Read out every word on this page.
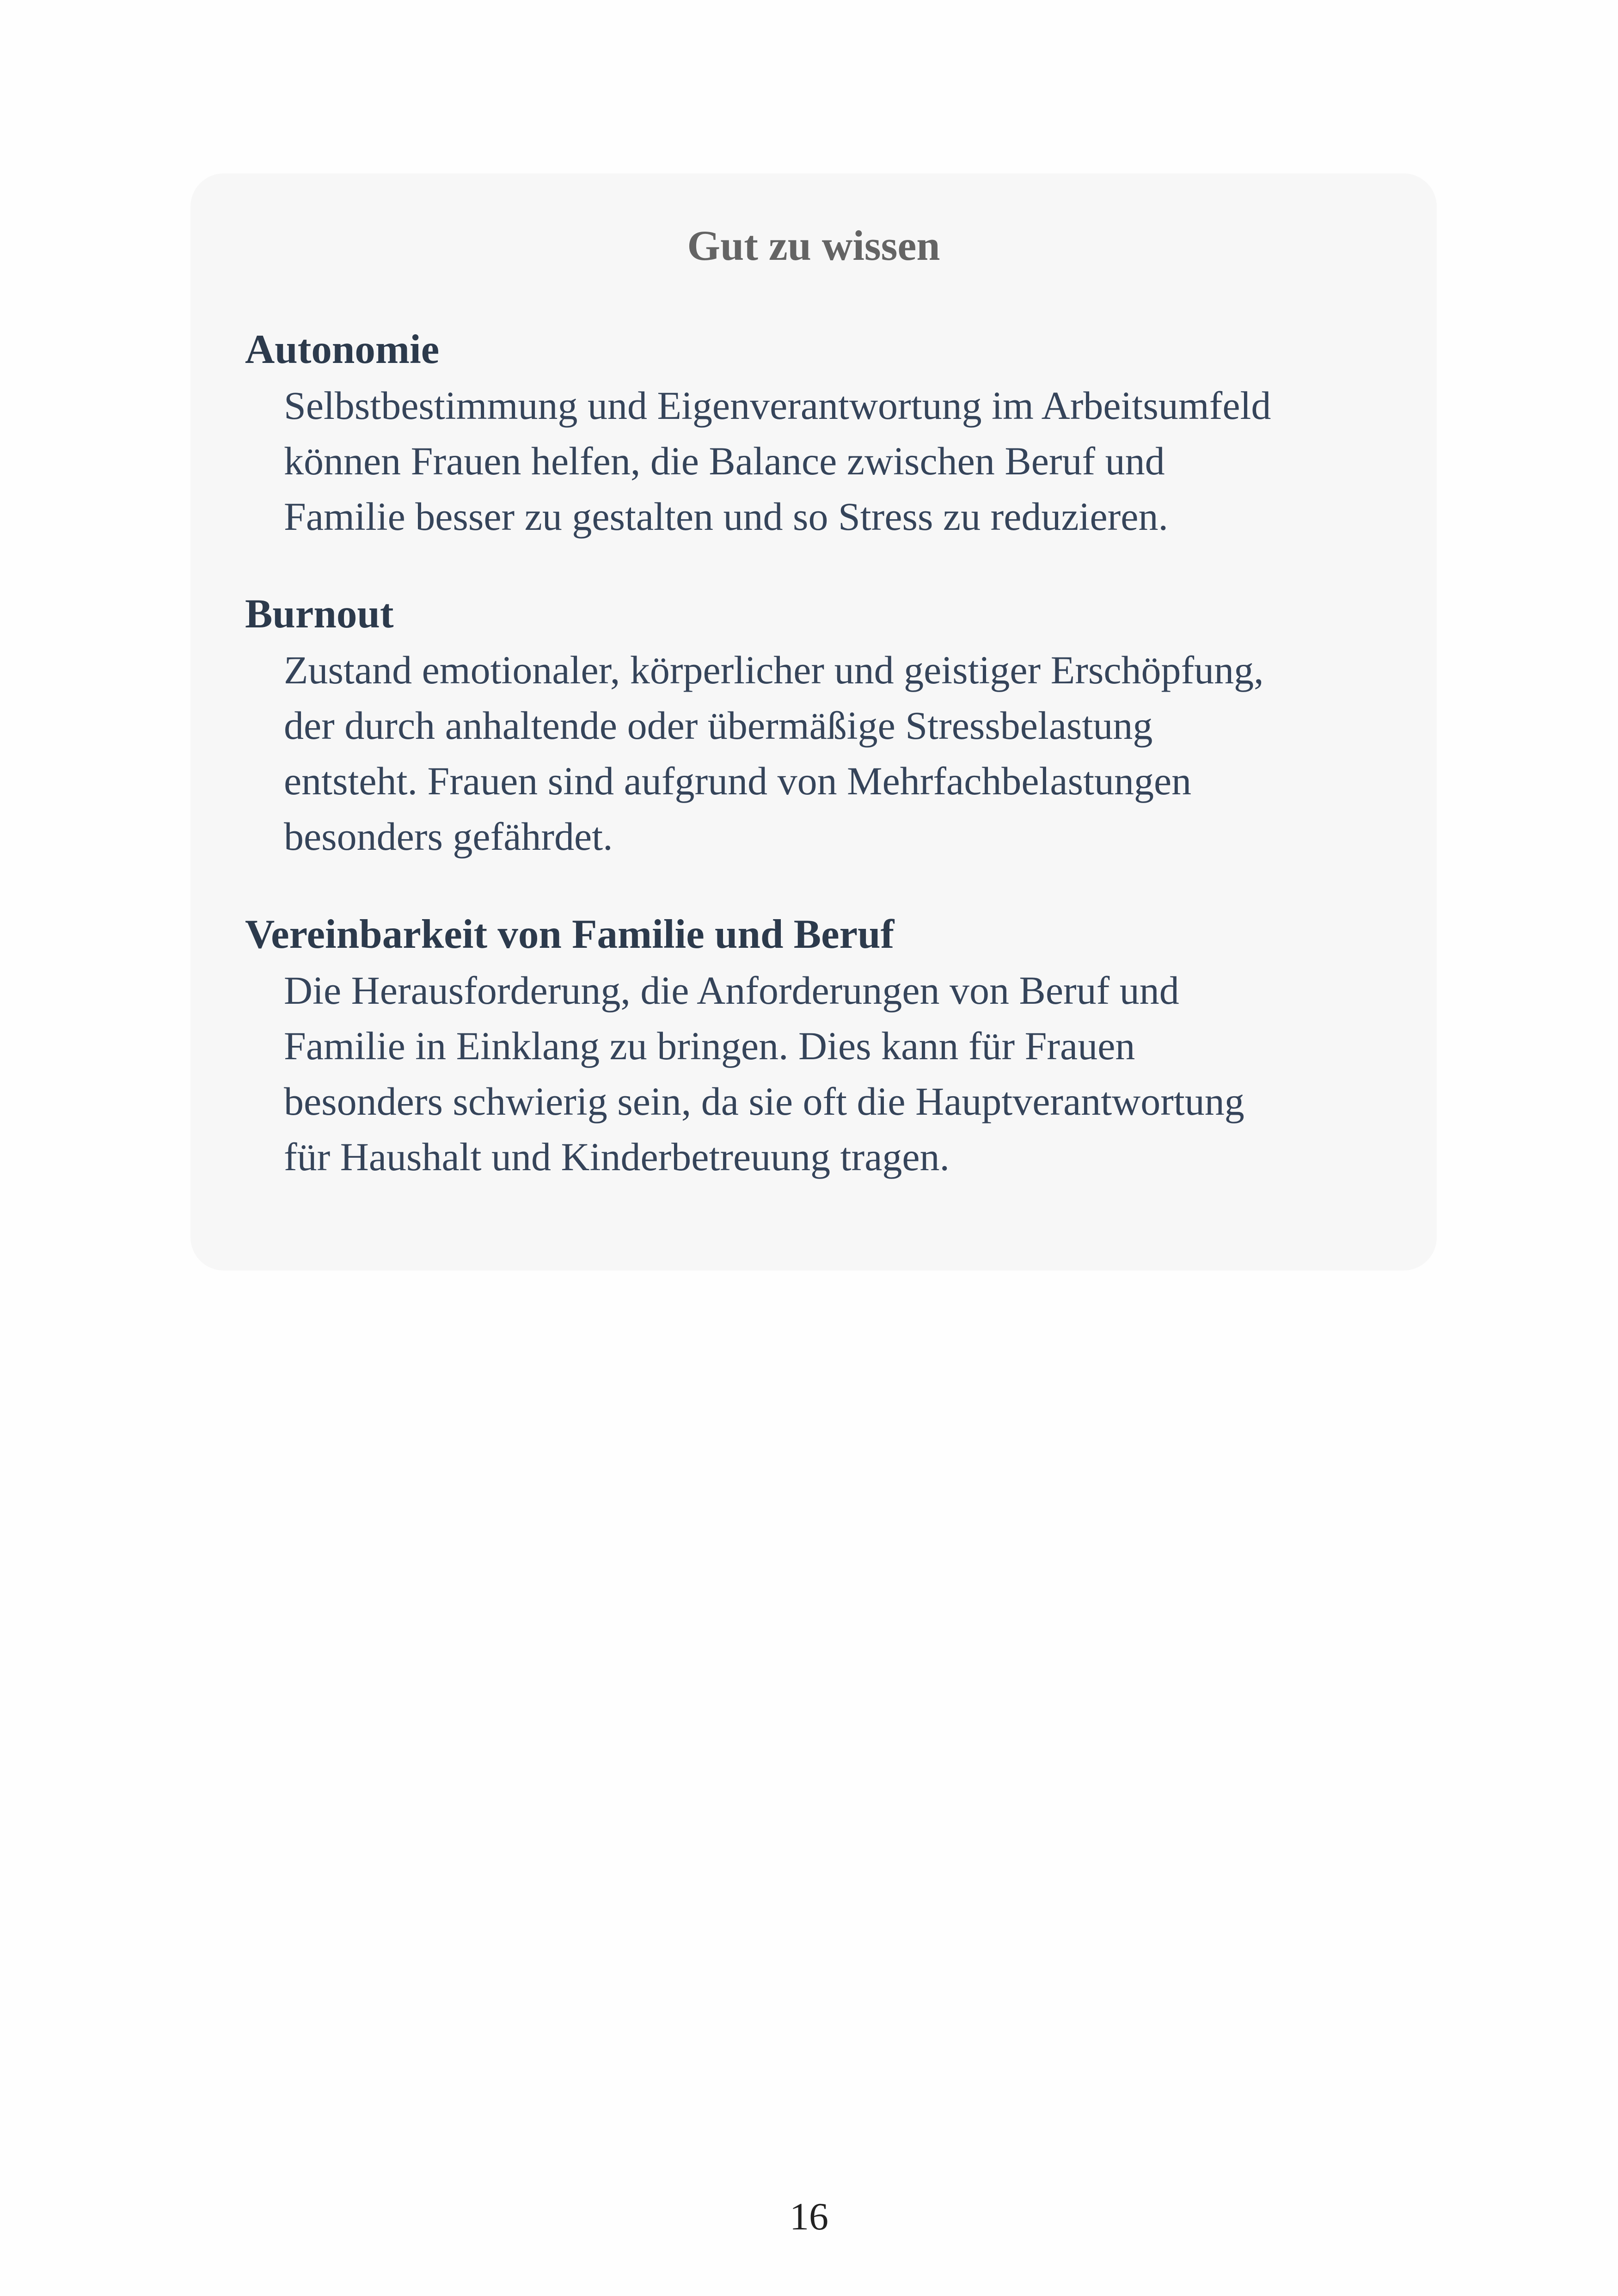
Gut zu wissen
Autonomie

Selbstbestimmung und Eigenverantwortung im Arbeitsumfeld
können Frauen helfen, die Balance zwischen Beruf und
Familie besser zu gestalten und so Stress zu reduzieren.

Burnout

Zustand emotionaler, körperlicher und geistiger Erschöpfung,
der durch anhaltende oder übermäßige Stressbelastung
entsteht. Frauen sind aufgrund von Mehrfachbelastungen
besonders gefährdet.

Vereinbarkeit von Familie und Beruf

Die Herausforderung, die Anforderungen von Beruf und
Familie in Einklang zu bringen. Dies kann für Frauen
besonders schwierig sein, da sie oft die Hauptverantwortung
für Haushalt und Kinderbetreuung tragen.

16
